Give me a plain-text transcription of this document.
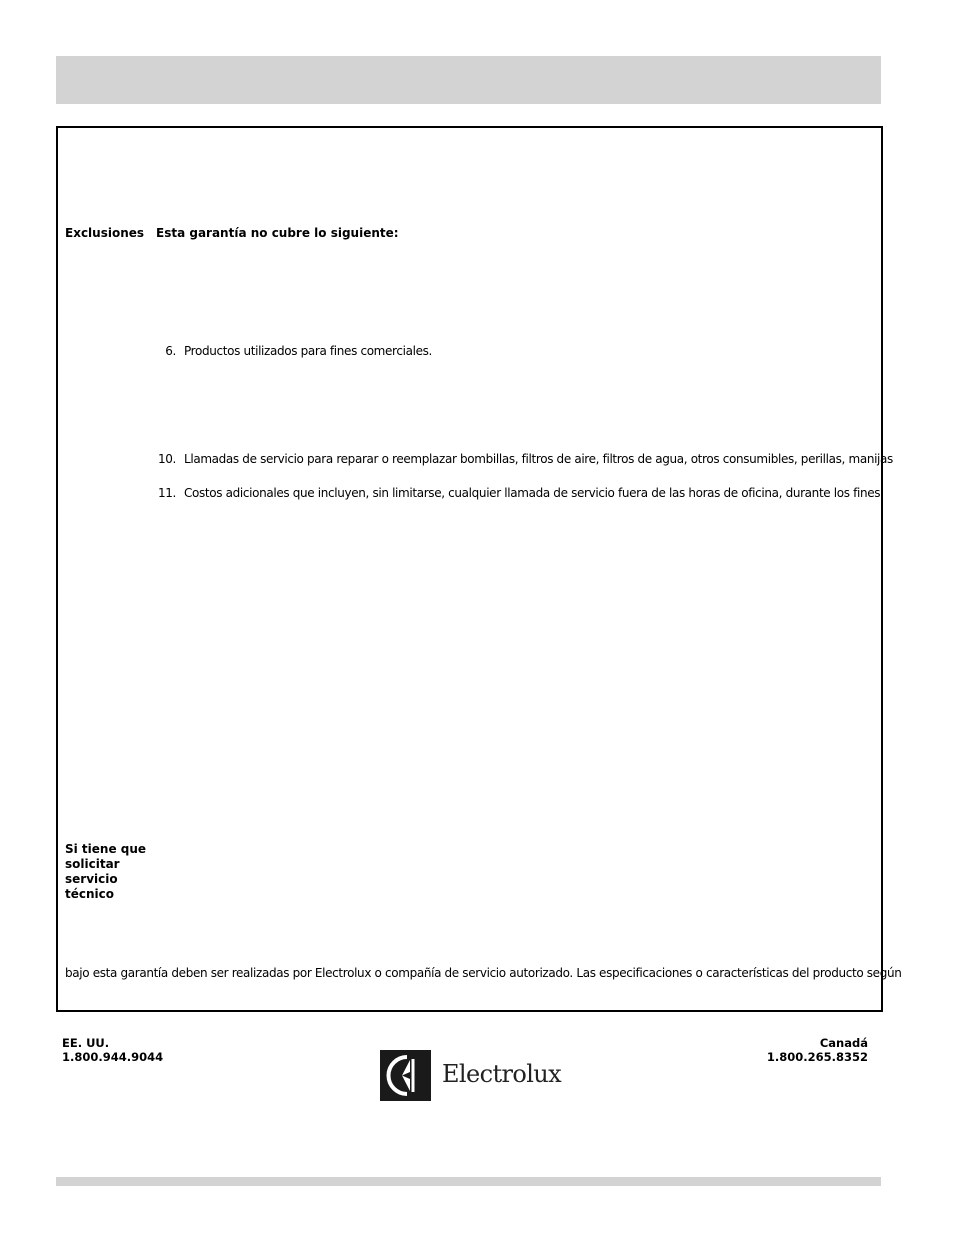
Exclusiones Esta garantía no cubre lo siguiente:
6. Productos utilizados para fines comerciales.
10. Llamadas de servicio para reparar o reemplazar bombillas, filtros de aire, filtros de agua, otros consumibles, perillas, manijas
11. Costos adicionales que incluyen, sin limitarse, cualquier llamada de servicio fuera de las horas de oficina, durante los fines
Si tiene que solicitar servicio técnico
bajo esta garantía deben ser realizadas por Electrolux o compañía de servicio autorizado. Las especificaciones o características del producto según
EE. UU.
1.800.944.9044
Canadá
1.800.265.8352
Electrolux
